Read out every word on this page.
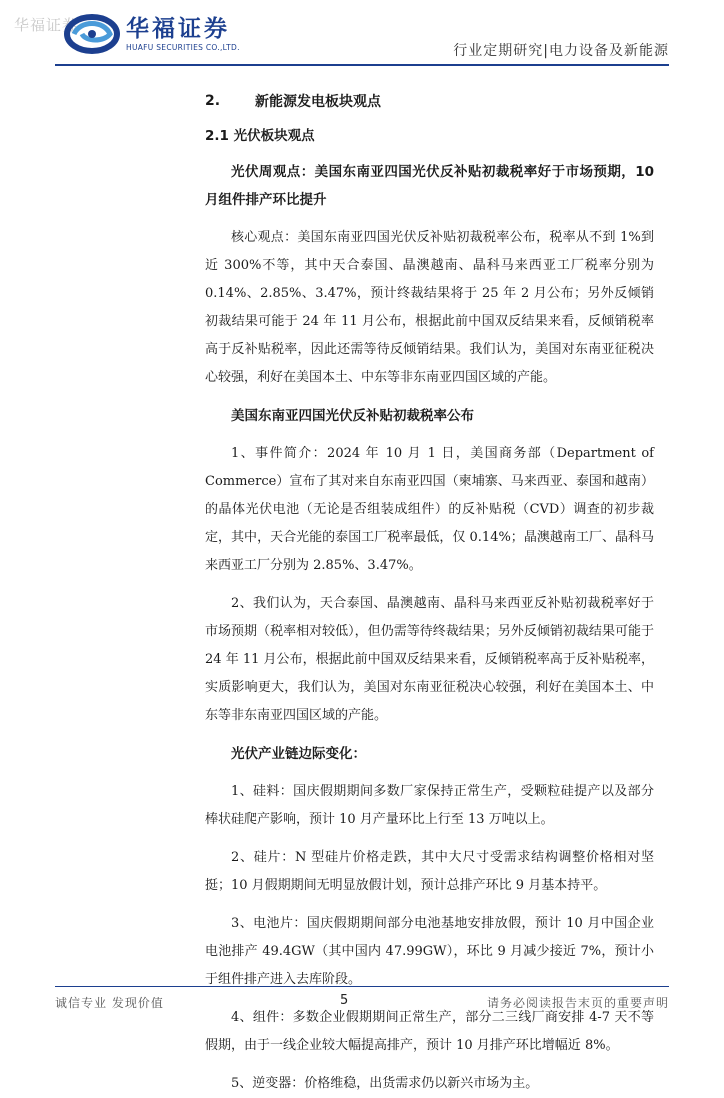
华福证券 华福证券
HUAFU SECURITIES CO.,LTD.	行业定期研究|电力设备及新能源
2.	新能源发电板块观点
2.1 光伏板块观点
光伏周观点：美国东南亚四国光伏反补贴初裁税率好于市场预期，10 月组件排产环比提升
核心观点：美国东南亚四国光伏反补贴初裁税率公布，税率从不到 1%到近 300%不等，其中天合泰国、晶澳越南、晶科马来西亚工厂税率分别为 0.14%、2.85%、3.47%，预计终裁结果将于 25 年 2 月公布；另外反倾销初裁结果可能于 24 年 11 月公布，根据此前中国双反结果来看，反倾销税率高于反补贴税率，因此还需等待反倾销结果。我们认为，美国对东南亚征税决心较强，利好在美国本土、中东等非东南亚四国区域的产能。
美国东南亚四国光伏反补贴初裁税率公布
1、事件简介：2024 年 10 月 1 日，美国商务部（Department of Commerce）宣布了其对来自东南亚四国（柬埔寨、马来西亚、泰国和越南）的晶体光伏电池（无论是否组装成组件）的反补贴税（CVD）调查的初步裁定，其中，天合光能的泰国工厂税率最低，仅 0.14%；晶澳越南工厂、晶科马来西亚工厂分别为 2.85%、3.47%。
2、我们认为，天合泰国、晶澳越南、晶科马来西亚反补贴初裁税率好于市场预期（税率相对较低），但仍需等待终裁结果；另外反倾销初裁结果可能于 24 年 11 月公布，根据此前中国双反结果来看，反倾销税率高于反补贴税率，实质影响更大，我们认为，美国对东南亚征税决心较强，利好在美国本土、中东等非东南亚四国区域的产能。
光伏产业链边际变化：
1、硅料：国庆假期期间多数厂家保持正常生产，受颗粒硅提产以及部分棒状硅爬产影响，预计 10 月产量环比上行至 13 万吨以上。
2、硅片：N 型硅片价格走跌，其中大尺寸受需求结构调整价格相对坚挺；10 月假期期间无明显放假计划，预计总排产环比 9 月基本持平。
3、电池片：国庆假期期间部分电池基地安排放假，预计 10 月中国企业电池排产 49.4GW（其中国内 47.99GW），环比 9 月减少接近 7%，预计小于组件排产进入去库阶段。
4、组件：多数企业假期期间正常生产，部分二三线厂商安排 4-7 天不等假期，由于一线企业较大幅提高排产，预计 10 月排产环比增幅近 8%。
5、逆变器：价格维稳，出货需求仍以新兴市场为主。
诚信专业 发现价值	5	请务必阅读报告末页的重要声明
